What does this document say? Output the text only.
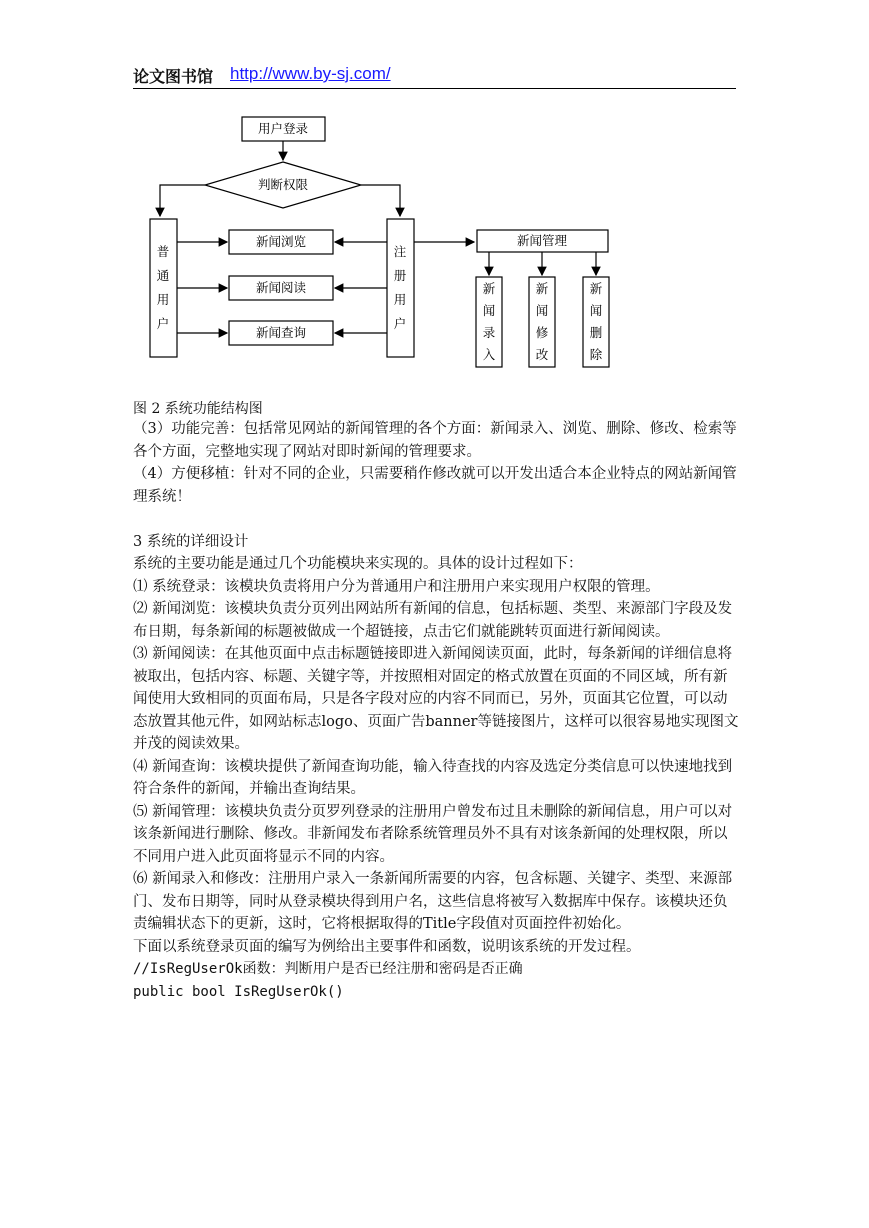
论文图书馆 http://www.by-sj.com/
用户登录
判断权限
普
通
用
户
注
册
用
户
新闻浏览
新闻阅读
新闻查询
新闻管理
新
闻
录
入
新
闻
修
改
新
闻
删
除
图 2 系统功能结构图

（3）功能完善：包括常见网站的新闻管理的各个方面：新闻录入、浏览、删除、修改、检索等各个方面，完整地实现了网站对即时新闻的管理要求。

（4）方便移植：针对不同的企业，只需要稍作修改就可以开发出适合本企业特点的网站新闻管理系统！

3 系统的详细设计

系统的主要功能是通过几个功能模块来实现的。具体的设计过程如下：

⑴ 系统登录：该模块负责将用户分为普通用户和注册用户来实现用户权限的管理。

⑵ 新闻浏览：该模块负责分页列出网站所有新闻的信息，包括标题、类型、来源部门字段及发布日期，每条新闻的标题被做成一个超链接，点击它们就能跳转页面进行新闻阅读。

⑶ 新闻阅读：在其他页面中点击标题链接即进入新闻阅读页面，此时，每条新闻的详细信息将被取出，包括内容、标题、关键字等，并按照相对固定的格式放置在页面的不同区域，所有新闻使用大致相同的页面布局，只是各字段对应的内容不同而已，另外，页面其它位置，可以动态放置其他元件，如网站标志logo、页面广告banner等链接图片，这样可以很容易地实现图文并茂的阅读效果。

⑷ 新闻查询：该模块提供了新闻查询功能，输入待查找的内容及选定分类信息可以快速地找到符合条件的新闻，并输出查询结果。

⑸ 新闻管理：该模块负责分页罗列登录的注册用户曾发布过且未删除的新闻信息，用户可以对该条新闻进行删除、修改。非新闻发布者除系统管理员外不具有对该条新闻的处理权限，所以不同用户进入此页面将显示不同的内容。

⑹ 新闻录入和修改：注册用户录入一条新闻所需要的内容，包含标题、关键字、类型、来源部门、发布日期等，同时从登录模块得到用户名，这些信息将被写入数据库中保存。该模块还负责编辑状态下的更新，这时，它将根据取得的Title字段值对页面控件初始化。

下面以系统登录页面的编写为例给出主要事件和函数，说明该系统的开发过程。

//IsRegUserOk函数：判断用户是否已经注册和密码是否正确

public bool IsRegUserOk()
